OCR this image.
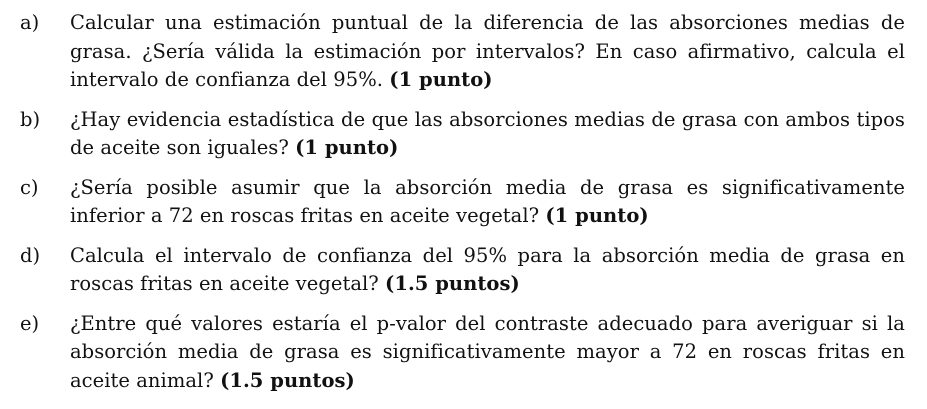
a)	Calcular una estimación puntual de la diferencia de las absorciones medias de grasa. ¿Sería válida la estimación por intervalos? En caso afirmativo, calcula el intervalo de confianza del 95%. (1 punto)

b)	¿Hay evidencia estadística de que las absorciones medias de grasa con ambos tipos de aceite son iguales? (1 punto)

c)	¿Sería posible asumir que la absorción media de grasa es significativamente inferior a 72 en roscas fritas en aceite vegetal? (1 punto)

d)	Calcula el intervalo de confianza del 95% para la absorción media de grasa en roscas fritas en aceite vegetal? (1.5 puntos)

e)	¿Entre qué valores estaría el p-valor del contraste adecuado para averiguar si la absorción media de grasa es significativamente mayor a 72 en roscas fritas en aceite animal? (1.5 puntos)
